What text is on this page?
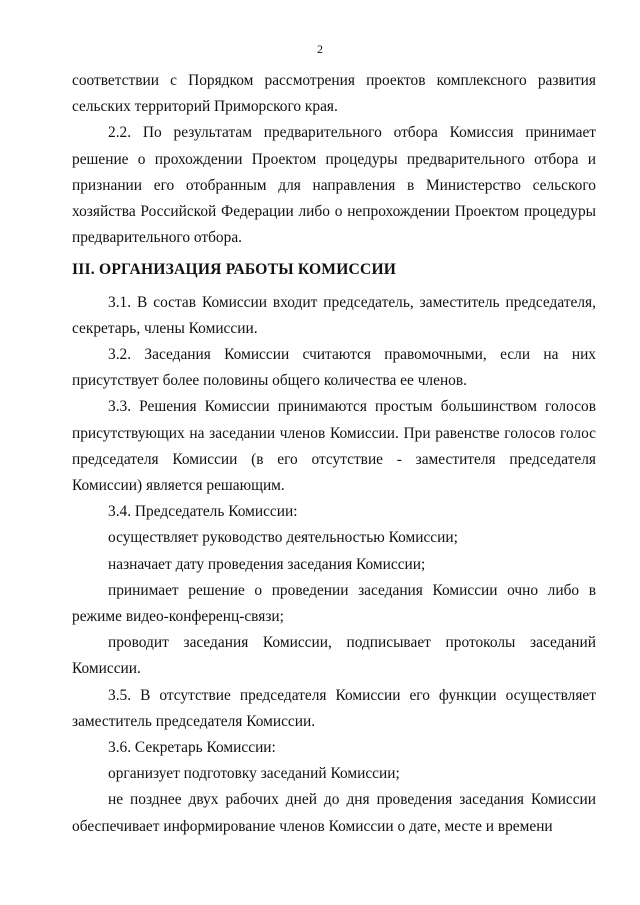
2

соответствии с Порядком рассмотрения проектов комплексного развития сельских территорий Приморского края.

2.2. По результатам предварительного отбора Комиссия принимает решение о прохождении Проектом процедуры предварительного отбора и признании его отобранным для направления в Министерство сельского хозяйства Российской Федерации либо о непрохождении Проектом процедуры предварительного отбора.

III. ОРГАНИЗАЦИЯ РАБОТЫ КОМИССИИ

3.1. В состав Комиссии входит председатель, заместитель председателя, секретарь, члены Комиссии.

3.2. Заседания Комиссии считаются правомочными, если на них присутствует более половины общего количества ее членов.

3.3. Решения Комиссии принимаются простым большинством голосов присутствующих на заседании членов Комиссии. При равенстве голосов голос председателя Комиссии (в его отсутствие - заместителя председателя Комиссии) является решающим.

3.4. Председатель Комиссии:

осуществляет руководство деятельностью Комиссии;

назначает дату проведения заседания Комиссии;

принимает решение о проведении заседания Комиссии очно либо в режиме видео-конференц-связи;

проводит заседания Комиссии, подписывает протоколы заседаний Комиссии.

3.5. В отсутствие председателя Комиссии его функции осуществляет заместитель председателя Комиссии.

3.6. Секретарь Комиссии:

организует подготовку заседаний Комиссии;

не позднее двух рабочих дней до дня проведения заседания Комиссии обеспечивает информирование членов Комиссии о дате, месте и времени
